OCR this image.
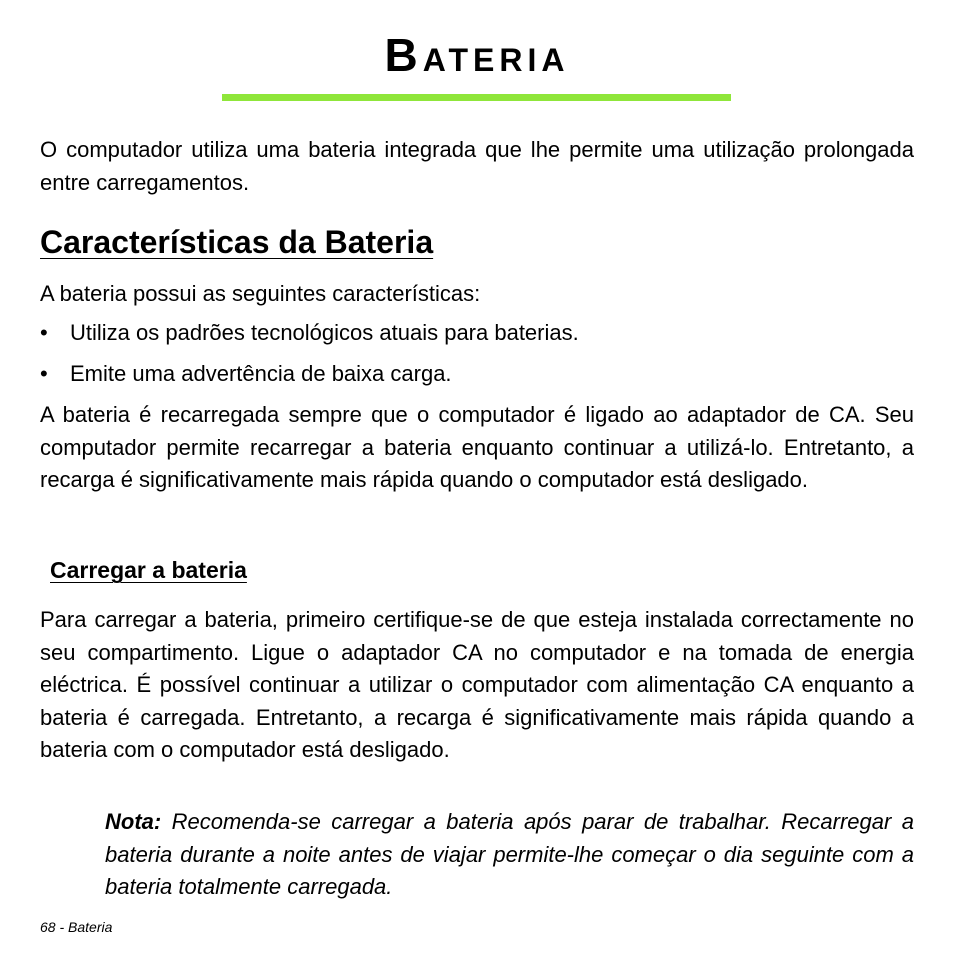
Bateria

O computador utiliza uma bateria integrada que lhe permite uma utilização prolongada entre carregamentos.

Características da Bateria

A bateria possui as seguintes características:

• Utiliza os padrões tecnológicos atuais para baterias.
• Emite uma advertência de baixa carga.

A bateria é recarregada sempre que o computador é ligado ao adaptador de CA. Seu computador permite recarregar a bateria enquanto continuar a utilizá-lo. Entretanto, a recarga é significativamente mais rápida quando o computador está desligado.

Carregar a bateria

Para carregar a bateria, primeiro certifique-se de que esteja instalada correctamente no seu compartimento. Ligue o adaptador CA no computador e na tomada de energia eléctrica. É possível continuar a utilizar o computador com alimentação CA enquanto a bateria é carregada. Entretanto, a recarga é significativamente mais rápida quando a bateria com o computador está desligado.

Nota: Recomenda-se carregar a bateria após parar de trabalhar. Recarregar a bateria durante a noite antes de viajar permite-lhe começar o dia seguinte com a bateria totalmente carregada.

68 - Bateria
